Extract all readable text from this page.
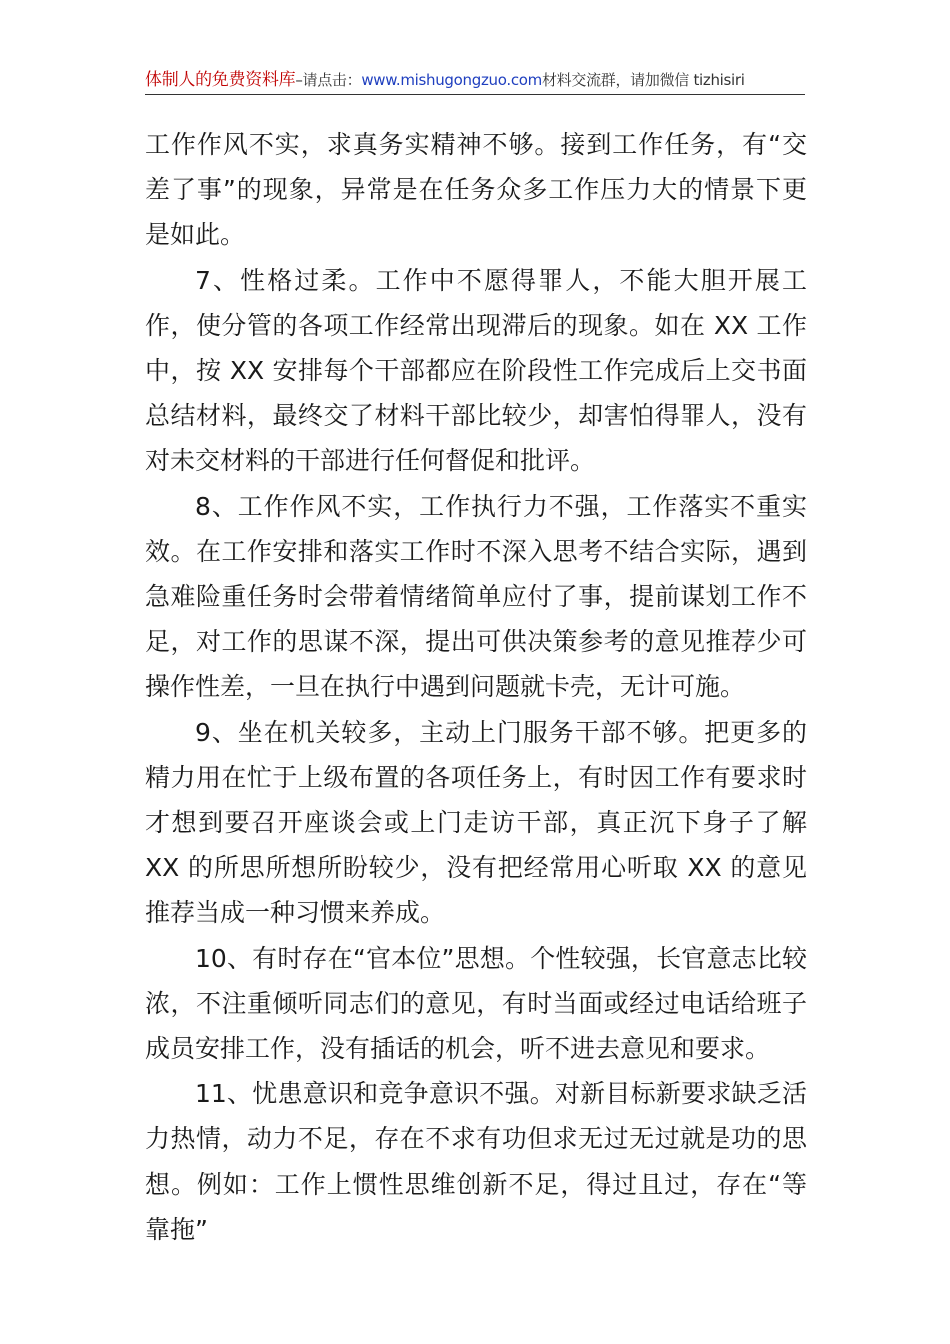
体制人的免费资料库–请点击：www.mishugongzuo.com材料交流群，请加微信 tizhisiri

工作作风不实，求真务实精神不够。接到工作任务，有“交差了事”的现象，异常是在任务众多工作压力大的情景下更是如此。

7、性格过柔。工作中不愿得罪人，不能大胆开展工作，使分管的各项工作经常出现滞后的现象。如在 XX 工作中，按 XX 安排每个干部都应在阶段性工作完成后上交书面总结材料，最终交了材料干部比较少，却害怕得罪人，没有对未交材料的干部进行任何督促和批评。

8、工作作风不实，工作执行力不强，工作落实不重实效。在工作安排和落实工作时不深入思考不结合实际，遇到急难险重任务时会带着情绪简单应付了事，提前谋划工作不足，对工作的思谋不深，提出可供决策参考的意见推荐少可操作性差，一旦在执行中遇到问题就卡壳，无计可施。

9、坐在机关较多，主动上门服务干部不够。把更多的精力用在忙于上级布置的各项任务上，有时因工作有要求时才想到要召开座谈会或上门走访干部，真正沉下身子了解 XX 的所思所想所盼较少，没有把经常用心听取 XX 的意见推荐当成一种习惯来养成。

10、有时存在“官本位”思想。个性较强，长官意志比较浓，不注重倾听同志们的意见，有时当面或经过电话给班子成员安排工作，没有插话的机会，听不进去意见和要求。

11、忧患意识和竞争意识不强。对新目标新要求缺乏活力热情，动力不足，存在不求有功但求无过无过就是功的思想。例如：工作上惯性思维创新不足，得过且过，存在“等靠拖”
